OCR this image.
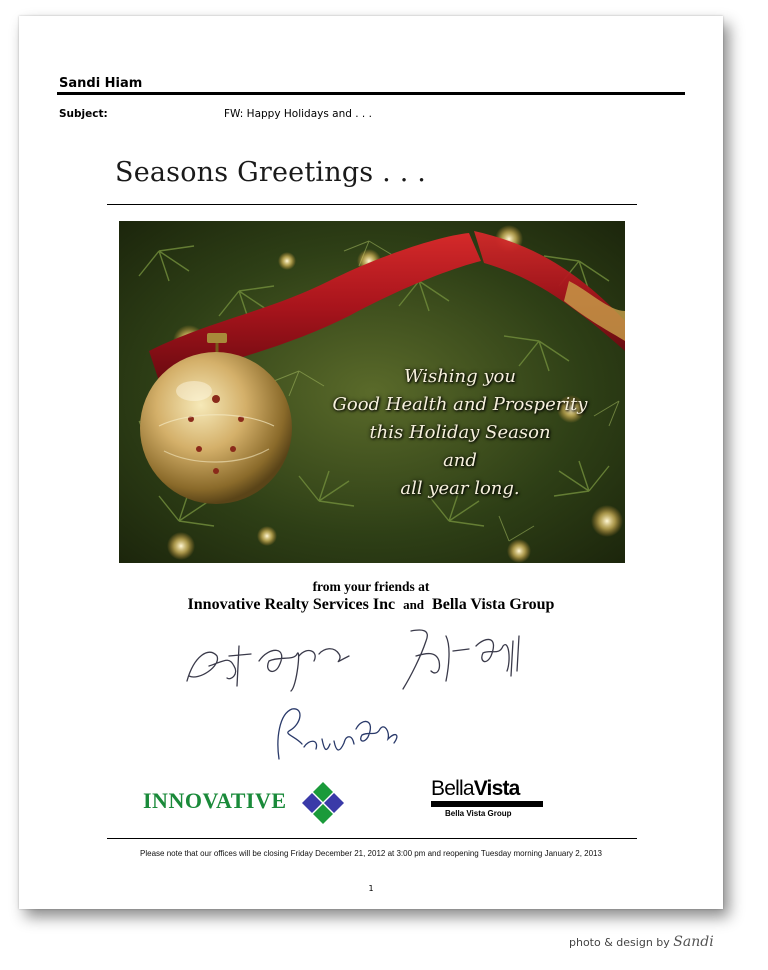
Sandi Hiam
Subject:	FW: Happy Holidays and . . .
Seasons Greetings . . .
Wishing you
Good Health and Prosperity
this Holiday Season
and
all year long.
from your friends at
Innovative Realty Services Inc and Bella Vista Group
INNOVATIVE	BellaVista
Bella Vista Group
Please note that our offices will be closing Friday December 21, 2012 at 3:00 pm and reopening Tuesday morning January 2, 2013
1
photo & design by Sandi
